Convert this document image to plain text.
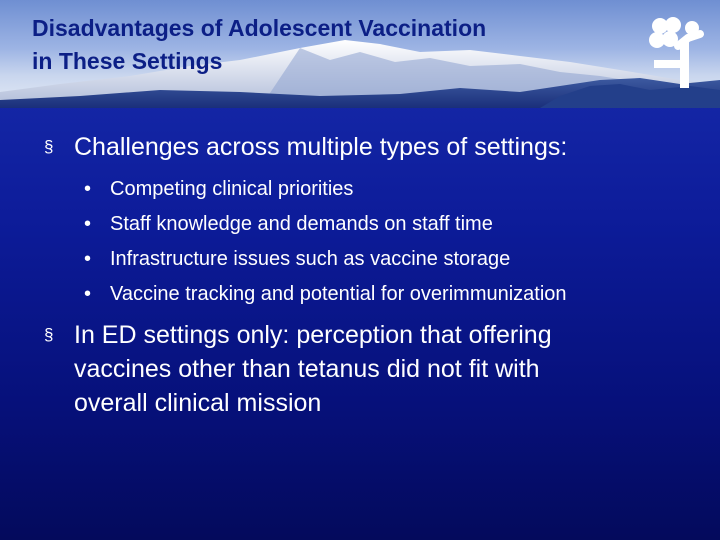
Disadvantages of Adolescent Vaccination
in These Settings
§ Challenges across multiple types of settings:
• Competing clinical priorities
• Staff knowledge and demands on staff time
• Infrastructure issues such as vaccine storage
• Vaccine tracking and potential for overimmunization
§ In ED settings only: perception that offering
vaccines other than tetanus did not fit with
overall clinical mission
